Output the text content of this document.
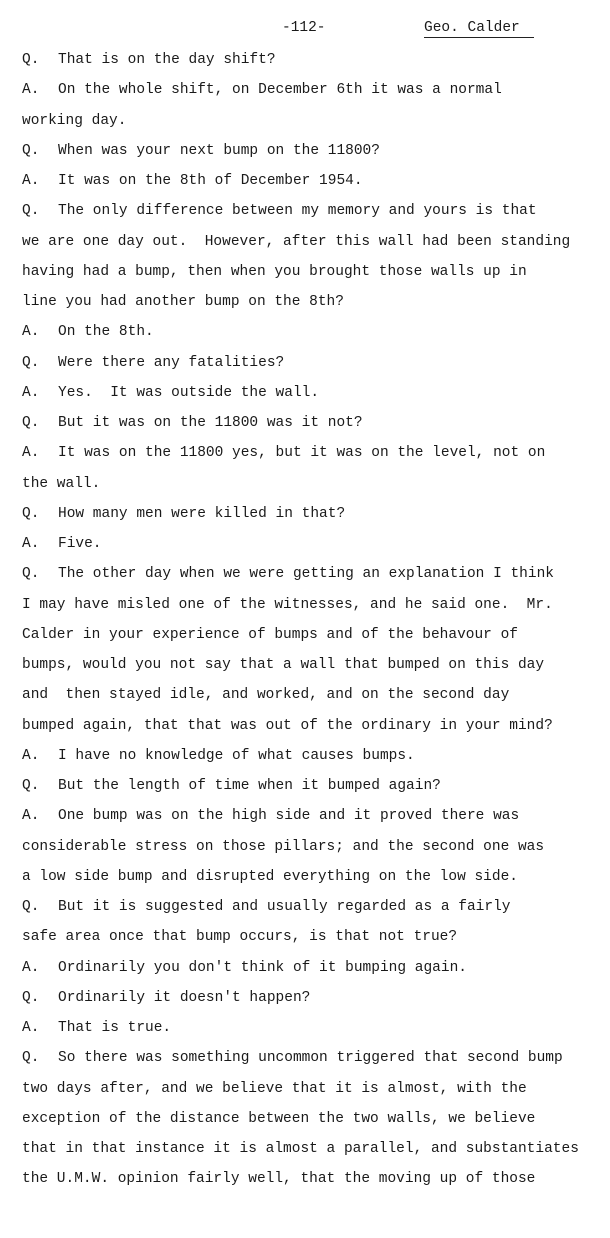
-112-	Geo. Calder
Q. That is on the day shift?
A. On the whole shift, on December 6th it was a normal
working day.
Q. When was your next bump on the 11800?
A. It was on the 8th of December 1954.
Q. The only difference between my memory and yours is that
we are one day out.  However, after this wall had been standing
having had a bump, then when you brought those walls up in
line you had another bump on the 8th?
A. On the 8th.
Q. Were there any fatalities?
A. Yes.  It was outside the wall.
Q. But it was on the 11800 was it not?
A. It was on the 11800 yes, but it was on the level, not on
the wall.
Q. How many men were killed in that?
A. Five.
Q. The other day when we were getting an explanation I think
I may have misled one of the witnesses, and he said one.  Mr.
Calder in your experience of bumps and of the behavour of
bumps, would you not say that a wall that bumped on this day
and  then stayed idle, and worked, and on the second day
bumped again, that that was out of the ordinary in your mind?
A. I have no knowledge of what causes bumps.
Q. But the length of time when it bumped again?
A. One bump was on the high side and it proved there was
considerable stress on those pillars; and the second one was
a low side bump and disrupted everything on the low side.
Q. But it is suggested and usually regarded as a fairly
safe area once that bump occurs, is that not true?
A. Ordinarily you don't think of it bumping again.
Q. Ordinarily it doesn't happen?
A. That is true.
Q. So there was something uncommon triggered that second bump
two days after, and we believe that it is almost, with the
exception of the distance between the two walls, we believe
that in that instance it is almost a parallel, and substantiates
the U.M.W. opinion fairly well, that the moving up of those
